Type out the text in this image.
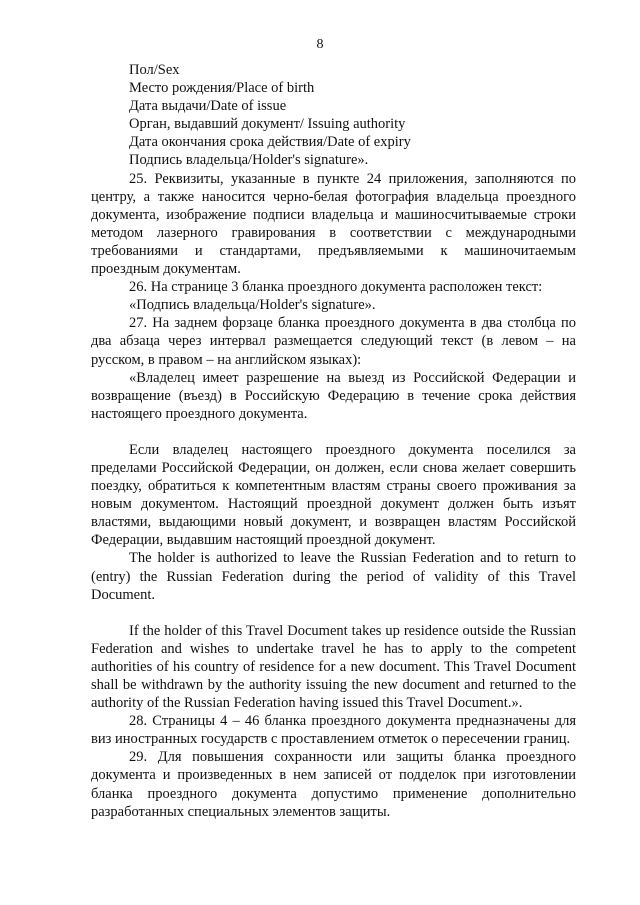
8

Пол/Sex

Место рождения/Place of birth

Дата выдачи/Date of issue

Орган, выдавший документ/ Issuing authority

Дата окончания срока действия/Date of expiry

Подпись владельца/Holder's signature».

25. Реквизиты, указанные в пункте 24 приложения, заполняются по центру, а также наносится черно-белая фотография владельца проездного документа, изображение подписи владельца и машиносчитываемые строки методом лазерного гравирования в соответствии с международными требованиями и стандартами, предъявляемыми к машиночитаемым проездным документам.

26. На странице 3 бланка проездного документа расположен текст:

«Подпись владельца/Holder's signature».

27. На заднем форзаце бланка проездного документа в два столбца по два абзаца через интервал размещается следующий текст (в левом – на русском, в правом – на английском языках):

«Владелец имеет разрешение на выезд из Российской Федерации и возвращение (въезд) в Российскую Федерацию в течение срока действия настоящего проездного документа.

Если владелец настоящего проездного документа поселился за пределами Российской Федерации, он должен, если снова желает совершить поездку, обратиться к компетентным властям страны своего проживания за новым документом. Настоящий проездной документ должен быть изъят властями, выдающими новый документ, и возвращен властям Российской Федерации, выдавшим настоящий проездной документ.

The holder is authorized to leave the Russian Federation and to return to (entry) the Russian Federation during the period of validity of this Travel Document.

If the holder of this Travel Document takes up residence outside the Russian Federation and wishes to undertake travel he has to apply to the competent authorities of his country of residence for a new document. This Travel Document shall be withdrawn by the authority issuing the new document and returned to the authority of the Russian Federation having issued this Travel Document.».

28. Страницы 4 – 46 бланка проездного документа предназначены для виз иностранных государств с проставлением отметок о пересечении границ.

29. Для повышения сохранности или защиты бланка проездного документа и произведенных в нем записей от подделок при изготовлении бланка проездного документа допустимо применение дополнительно разработанных специальных элементов защиты.
